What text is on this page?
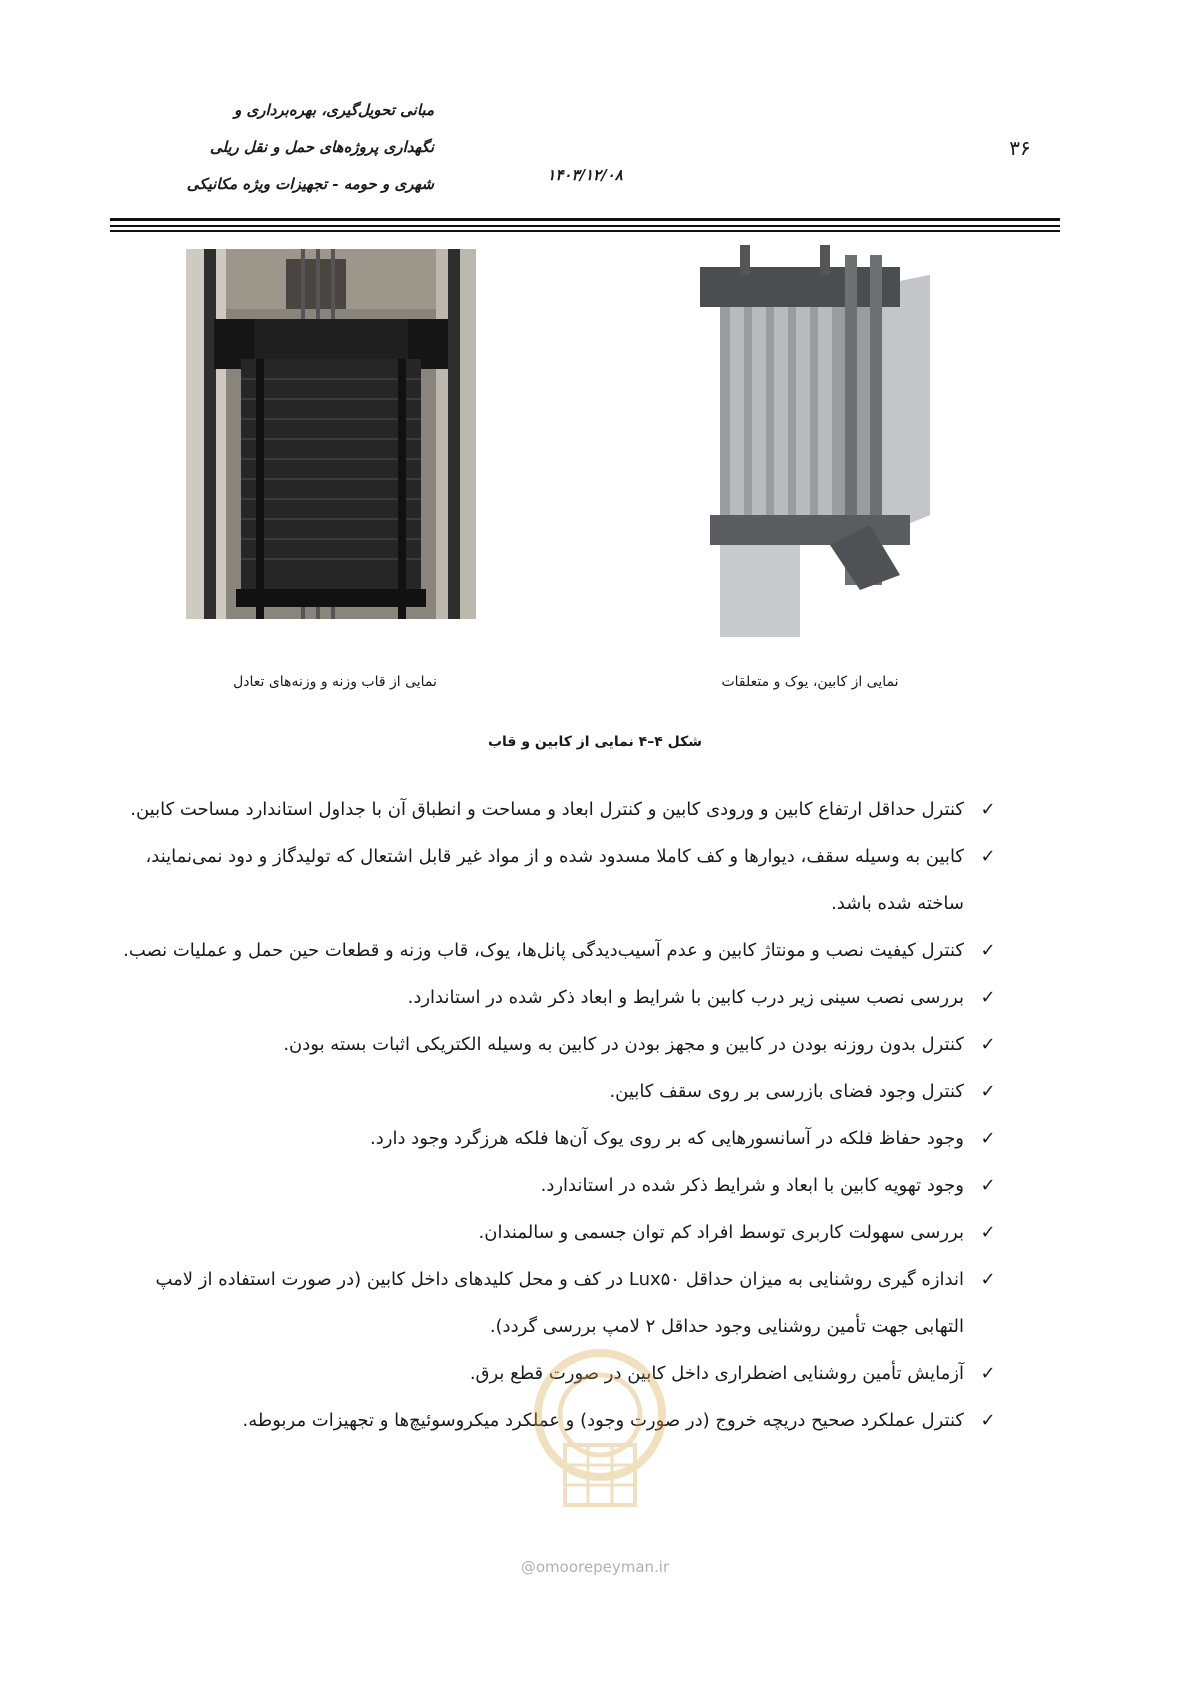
مبانی تحویل‌گیری، بهره‌برداری و
نگهداری پروژه‌های حمل و نقل ریلی
شهری و حومه - تجهیزات ویژه مکانیکی	۱۴۰۳/۱۲/۰۸
۳۶
نمایی از قاب وزنه و وزنه‌های تعادل	نمایی از کابین، یوک و متعلقات
شکل ۴–۴ نمایی از کابین و قاب
✓
کنترل حداقل ارتفاع کابین و ورودی کابین و کنترل ابعاد و مساحت و انطباق آن با جداول استاندارد مساحت کابین.
✓
کابین به وسیله سقف، دیوارها و کف کاملا مسدود شده و از مواد غیر قابل اشتعال که تولیدگاز و دود نمی‌نمایند، ساخته شده باشد.
✓
کنترل کیفیت نصب و مونتاژ کابین و عدم آسیب‌دیدگی پانل‌ها، یوک، قاب وزنه و قطعات حین حمل و عملیات نصب.
✓
بررسی نصب سینی زیر درب کابین با شرایط و ابعاد ذکر شده در استاندارد.
✓
کنترل بدون روزنه بودن در کابین و مجهز بودن در کابین به وسیله الکتریکی اثبات بسته بودن.
✓
کنترل وجود فضای بازرسی بر روی سقف کابین.
✓
وجود حفاظ فلکه در آسانسورهایی که بر روی یوک آن‌ها فلکه هرزگرد وجود دارد.
✓
وجود تهویه کابین با ابعاد و شرایط ذکر شده در استاندارد.
✓
بررسی سهولت کاربری توسط افراد کم توان جسمی و سالمندان.
✓
اندازه گیری روشنایی به میزان حداقل Lux۵۰ در کف و محل کلیدهای داخل کابین (در صورت استفاده از لامپ التهابی جهت تأمین روشنایی وجود حداقل ۲ لامپ بررسی گردد).
✓
آزمایش تأمین روشنایی اضطراری داخل کابین در صورت قطع برق.
✓
کنترل عملکرد صحیح دریچه خروج (در صورت وجود) و عملکرد میکروسوئیچ‌ها و تجهیزات مربوطه.
@omoorepeyman.ir
